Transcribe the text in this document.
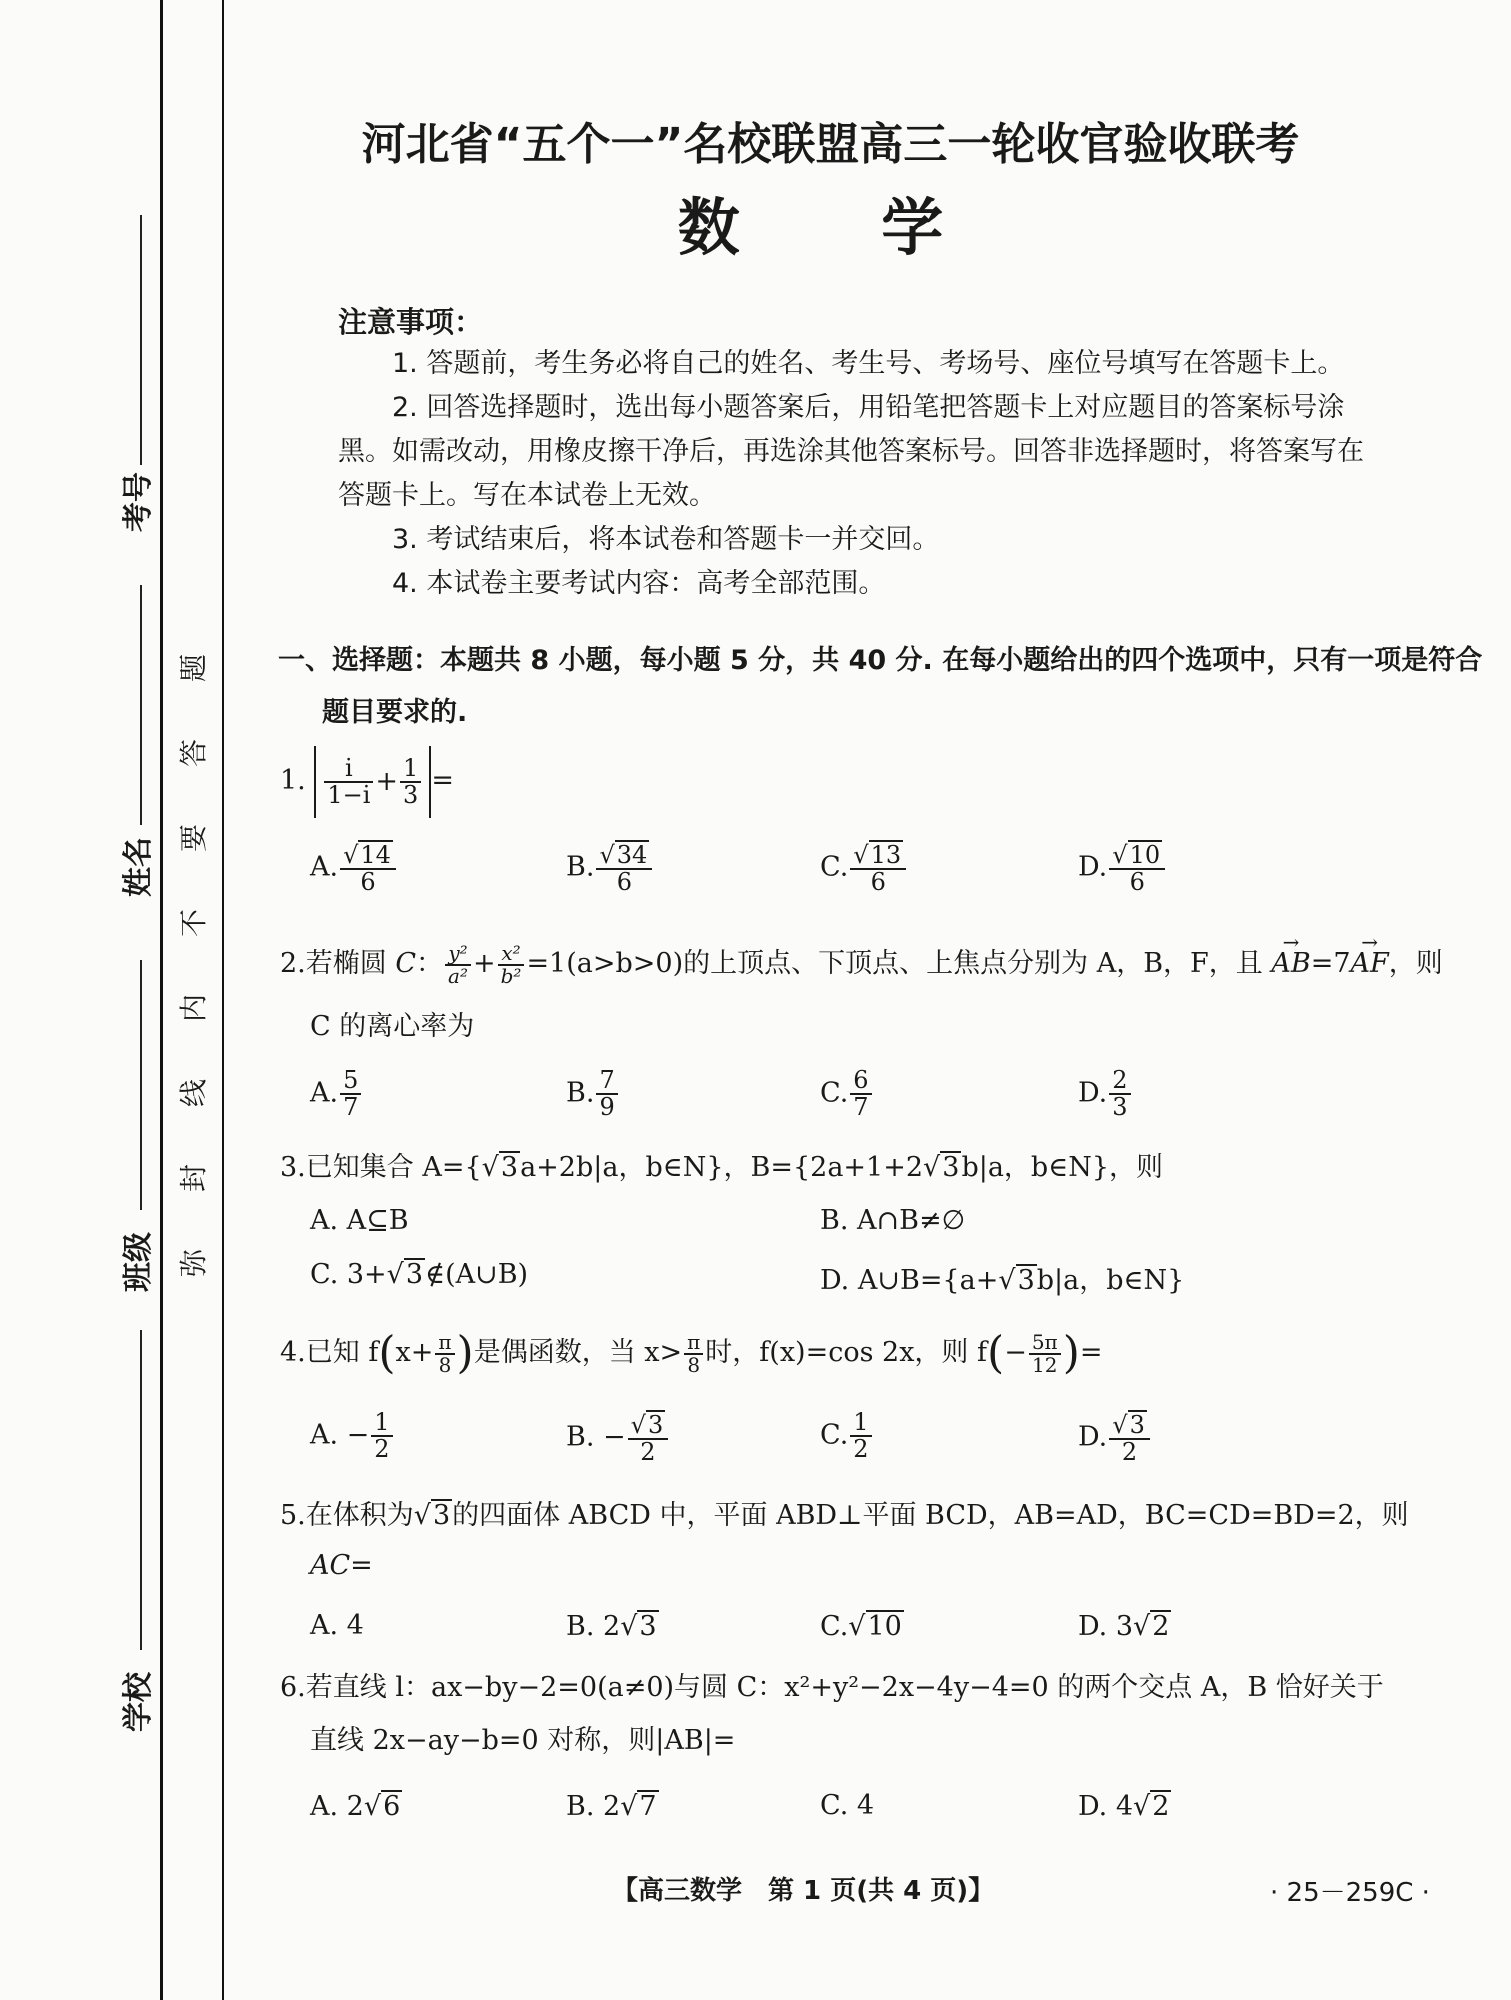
考号
姓名
班级
学校
题
答
要
不
内
线
封
弥
河北省“五个一”名校联盟高三一轮收官验收联考
数 学
注意事项：
1. 答题前，考生务必将自己的姓名、考生号、考场号、座位号填写在答题卡上。
2. 回答选择题时，选出每小题答案后，用铅笔把答题卡上对应题目的答案标号涂
黑。如需改动，用橡皮擦干净后，再选涂其他答案标号。回答非选择题时，将答案写在
答题卡上。写在本试卷上无效。
3. 考试结束后，将本试卷和答题卡一并交回。
4. 本试卷主要考试内容：高考全部范围。
一、选择题：本题共 8 小题，每小题 5 分，共 40 分. 在每小题给出的四个选项中，只有一项是符合
题目要求的.
1. $\frac{i}{1-i} + \frac{1}{3}$ =
A. $\frac{√14}{6}$	B. $\frac{√34}{6}$	C. $\frac{√13}{6}$	D. $\frac{√10}{6}$
2.若椭圆 C： $\frac{\text{y²}}{\text{a²}} + \frac{\text{x²}}{\text{b²}} =1(a>b>0)$的上顶点、下顶点、上焦点分别为 A，B，F，且 → AB=7→ AF，则
C 的离心率为
A. $\frac{5}{7}$	B. $\frac{7}{9}$	C. $\frac{6}{7}$	D. $\frac{2}{3}$
3.已知集合 A={√3a+2b|a，b∈N}，B={2a+1+2√3b|a，b∈N}，则
A. A⊆B	B. A∩B≠∅
C. 3+√3∉(A∪B)	D. A∪B={a+√3b|a，b∈N}
4.已知 $f(x+ \frac{\pi}{8}$ )是偶函数，当 $x> \frac{\pi}{8}$ 时，f(x)=cos 2x，则 $f(- \frac{5\pi}{12}$ )=
A. − $\frac{1}{2}$	B. − $\frac{√3}{2}$	C. $\frac{1}{2}$	D. $\frac{√3}{2}$
5.在体积为√3的四面体 ABCD 中，平面 ABD⊥平面 BCD，AB=AD，BC=CD=BD=2，则
AC=
A. 4	B. 2√3	C.√10	D. 3√2
6.若直线 l：ax−by−2=0(a≠0)与圆 C：x²+y²−2x−4y−4=0 的两个交点 A，B 恰好关于
直线 2x−ay−b=0 对称，则|AB|=
A. 2√6	B. 2√7	C. 4	D. 4√2
【高三数学　第 1 页(共 4 页)】	· 25－259C ·
